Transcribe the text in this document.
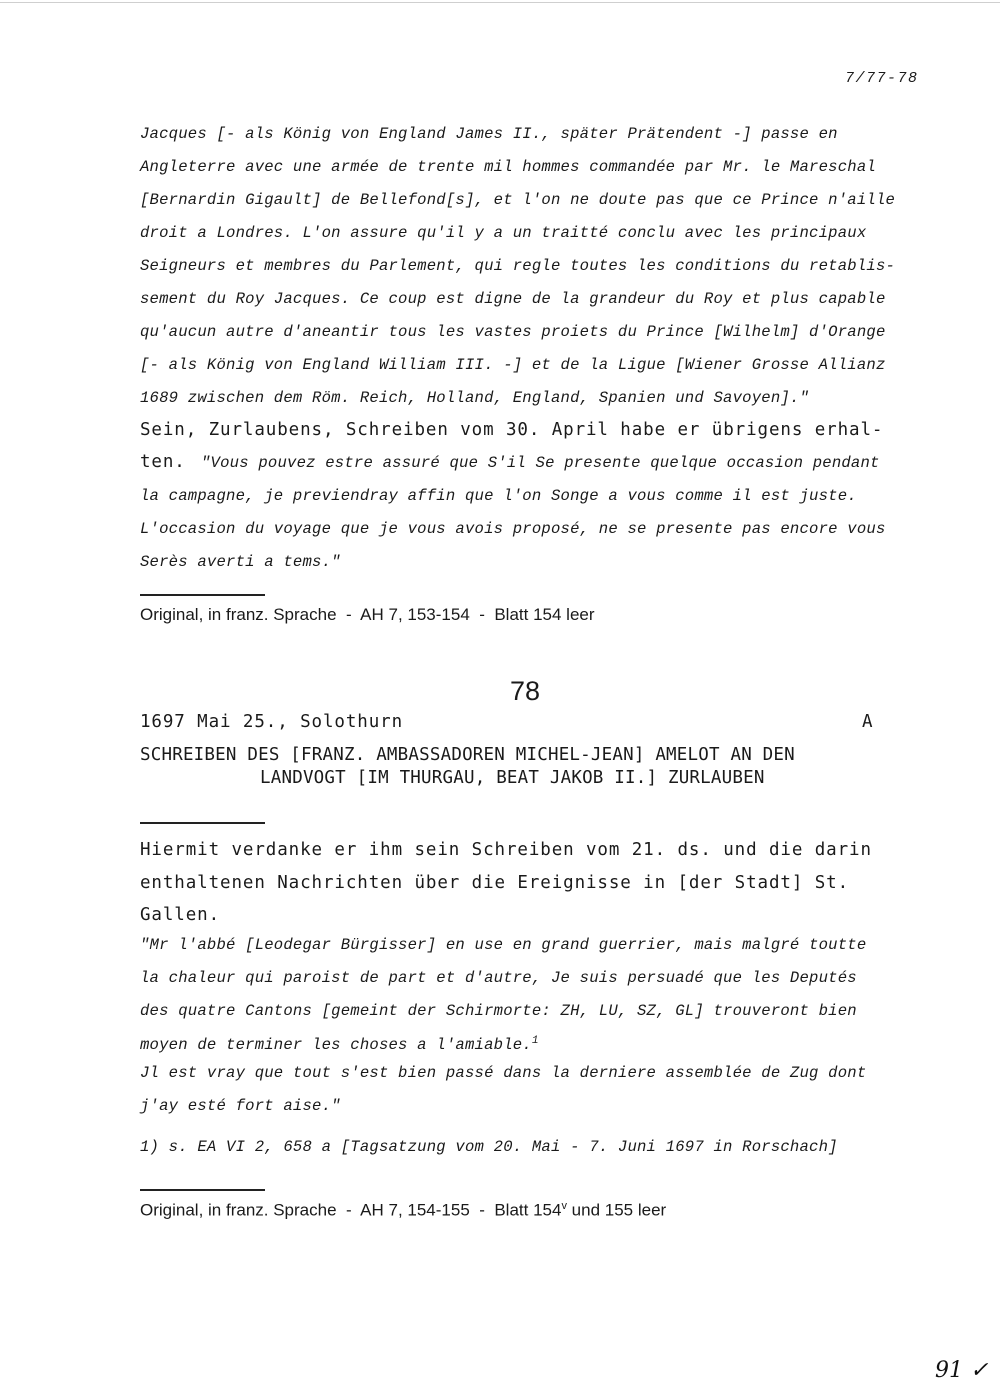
7/77-78
Jacques [- als König von England James II., später Prätendent -] passe en
Angleterre avec une armée de trente mil hommes commandée par Mr. le Mareschal
[Bernardin Gigault] de Bellefond[s], et l'on ne doute pas que ce Prince n'aille
droit a Londres. L'on assure qu'il y a un traitté conclu avec les principaux
Seigneurs et membres du Parlement, qui regle toutes les conditions du retablis-
sement du Roy Jacques. Ce coup est digne de la grandeur du Roy et plus capable
qu'aucun autre d'aneantir tous les vastes proiets du Prince [Wilhelm] d'Orange
[- als König von England William III. -] et de la Ligue [Wiener Grosse Allianz
1689 zwischen dem Röm. Reich, Holland, England, Spanien und Savoyen]."
Sein, Zurlaubens, Schreiben vom 30. April habe er übrigens erhal-
ten. "Vous pouvez estre assuré que S'il Se presente quelque occasion pendant
la campagne, je previendray affin que l'on Songe a vous comme il est juste.
L'occasion du voyage que je vous avois proposé, ne se presente pas encore vous
Serès averti a tems."
Original, in franz. Sprache  -  AH 7, 153-154  -  Blatt 154 leer
78
1697 Mai 25., Solothurn	A
SCHREIBEN DES [FRANZ. AMBASSADOREN MICHEL-JEAN] AMELOT AN DEN
LANDVOGT [IM THURGAU, BEAT JAKOB II.] ZURLAUBEN
Hiermit verdanke er ihm sein Schreiben vom 21. ds. und die darin
enthaltenen Nachrichten über die Ereignisse in [der Stadt] St.
Gallen.
"Mr l'abbé [Leodegar Bürgisser] en use en grand guerrier, mais malgré toutte
la chaleur qui paroist de part et d'autre, Je suis persuadé que les Deputés
des quatre Cantons [gemeint der Schirmorte: ZH, LU, SZ, GL] trouveront bien
moyen de terminer les choses a l'amiable.$^1$
Jl est vray que tout s'est bien passé dans la derniere assemblée de Zug dont
j'ay esté fort aise."
1) s. EA VI 2, 658 a [Tagsatzung vom 20. Mai - 7. Juni 1697 in Rorschach]
Original, in franz. Sprache  -  AH 7, 154-155  -  Blatt 154$^v$ und 155 leer
91 ✓
